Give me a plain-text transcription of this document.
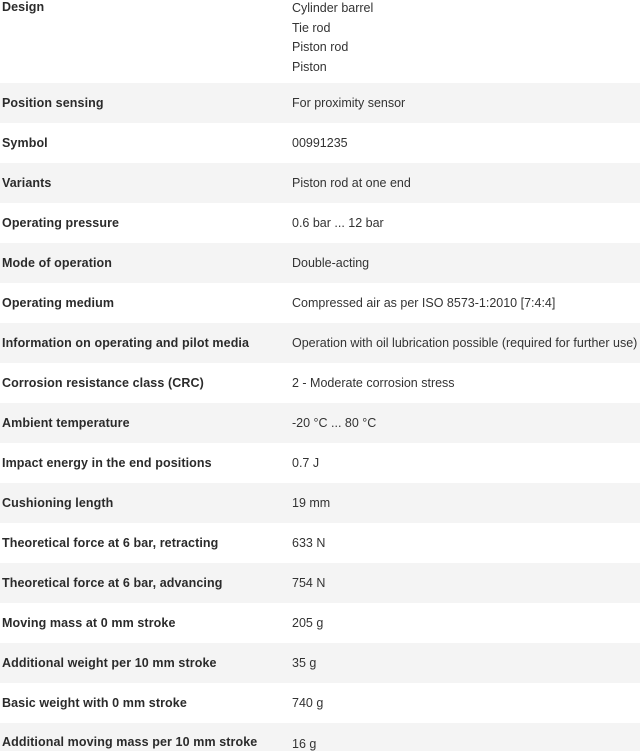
Design	Cylinder barrel
Tie rod
Piston rod
Piston
Position sensing	For proximity sensor
Symbol	00991235
Variants	Piston rod at one end
Operating pressure	0.6 bar ... 12 bar
Mode of operation	Double-acting
Operating medium	Compressed air as per ISO 8573-1:2010 [7:4:4]
Information on operating and pilot media	Operation with oil lubrication possible (required for further use)
Corrosion resistance class (CRC)	2 - Moderate corrosion stress
Ambient temperature	-20 °C ... 80 °C
Impact energy in the end positions	0.7 J
Cushioning length	19 mm
Theoretical force at 6 bar, retracting	633 N
Theoretical force at 6 bar, advancing	754 N
Moving mass at 0 mm stroke	205 g
Additional weight per 10 mm stroke	35 g
Basic weight with 0 mm stroke	740 g
Additional moving mass per 10 mm stroke	16 g
